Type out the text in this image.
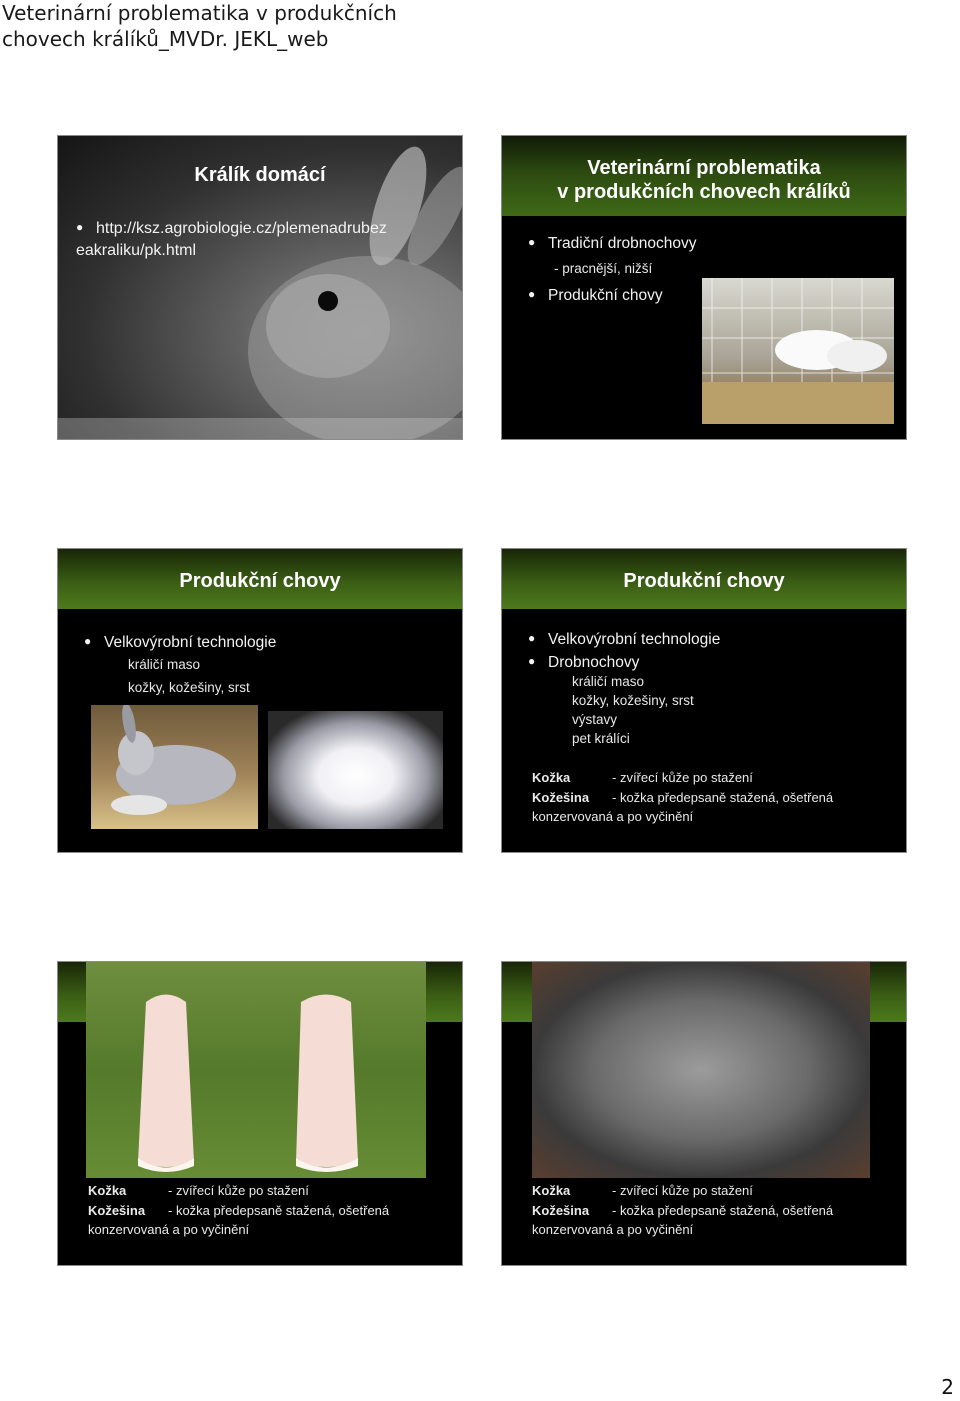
Veterinární problematika v produkčních chovech králíků_MVDr. JEKL_web
Králík domácí
● http://ksz.agrobiologie.cz/plemenadrubez eakraliku/pk.html
Veterinární problematika
v produkčních chovech králíků
● Tradiční drobnochovy
- pracnější, nižší
● Produkční chovy
Produkční chovy
● Velkovýrobní technologie
králičí maso
kožky, kožešiny, srst
Produkční chovy
● Velkovýrobní technologie
● Drobnochovy
králičí maso
kožky, kožešiny, srst
výstavy
pet králíci
Kožka	- zvířecí kůže po stažení
Kožešina - kožka předepsaně stažená, ošetřená
konzervovaná a po vyčinění
Kožka	- zvířecí kůže po stažení
Kožešina - kožka předepsaně stažená, ošetřená
konzervovaná a po vyčinění
Kožka	- zvířecí kůže po stažení
Kožešina - kožka předepsaně stažená, ošetřená
konzervovaná a po vyčinění
2
